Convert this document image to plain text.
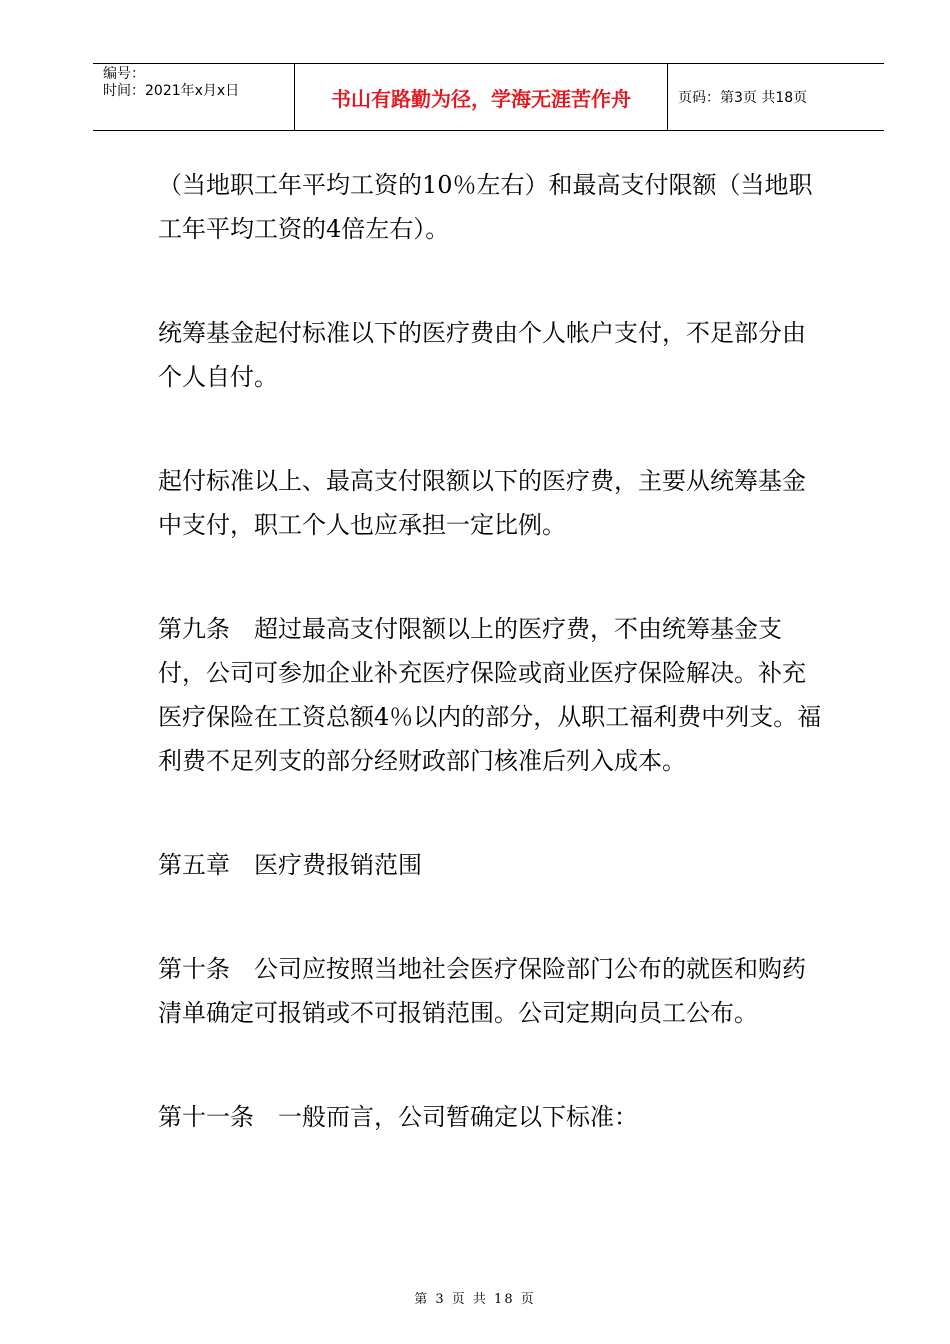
编号：
时间：2021年x月x日	书山有路勤为径，学海无涯苦作舟	页码：第3页 共18页

（当地职工年平均工资的10％左右）和最高支付限额（当地职工年平均工资的4倍左右）。

统筹基金起付标准以下的医疗费由个人帐户支付，不足部分由个人自付。

起付标准以上、最高支付限额以下的医疗费，主要从统筹基金中支付，职工个人也应承担一定比例。

第九条　超过最高支付限额以上的医疗费，不由统筹基金支付，公司可参加企业补充医疗保险或商业医疗保险解决。补充医疗保险在工资总额4％以内的部分，从职工福利费中列支。福利费不足列支的部分经财政部门核准后列入成本。

第五章　医疗费报销范围

第十条　公司应按照当地社会医疗保险部门公布的就医和购药清单确定可报销或不可报销范围。公司定期向员工公布。

第十一条　一般而言，公司暂确定以下标准：

第 3 页 共 18 页
